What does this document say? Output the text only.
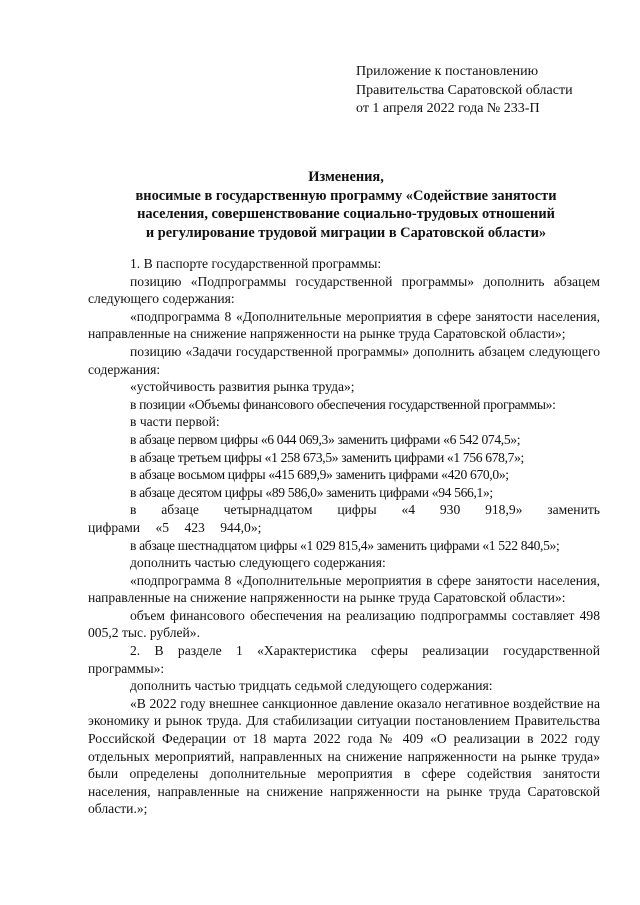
Приложение к постановлению
Правительства Саратовской области
от 1 апреля 2022 года № 233-П
Изменения,
вносимые в государственную программу «Содействие занятости
населения, совершенствование социально-трудовых отношений
и регулирование трудовой миграции в Саратовской области»

1. В паспорте государственной программы:

позицию «Подпрограммы государственной программы» дополнить абзацем следующего содержания:

«подпрограмма 8 «Дополнительные мероприятия в сфере занятости населения, направленные на снижение напряженности на рынке труда Саратовской области»;

позицию «Задачи государственной программы» дополнить абзацем следующего содержания:

«устойчивость развития рынка труда»;

в позиции «Объемы финансового обеспечения государственной программы»:

в части первой:

в абзаце первом цифры «6 044 069,3» заменить цифрами «6 542 074,5»;

в абзаце третьем цифры «1 258 673,5» заменить цифрами «1 756 678,7»;

в абзаце восьмом цифры «415 689,9» заменить цифрами «420 670,0»;

в абзаце десятом цифры «89 586,0» заменить цифрами «94 566,1»;

в абзаце четырнадцатом цифры «4 930 918,9» заменить цифрами «5 423 944,0»;

в абзаце шестнадцатом цифры «1 029 815,4» заменить цифрами «1 522 840,5»;

дополнить частью следующего содержания:

«подпрограмма 8 «Дополнительные мероприятия в сфере занятости населения, направленные на снижение напряженности на рынке труда Саратовской области»:

объем финансового обеспечения на реализацию подпрограммы составляет 498 005,2 тыс. рублей».

2. В разделе 1 «Характеристика сферы реализации государственной программы»:

дополнить частью тридцать седьмой следующего содержания:

«В 2022 году внешнее санкционное давление оказало негативное воздействие на экономику и рынок труда. Для стабилизации ситуации постановлением Правительства Российской Федерации от 18 марта 2022 года № 409 «О реализации в 2022 году отдельных мероприятий, направленных на снижение напряженности на рынке труда» были определены дополнительные мероприятия в сфере содействия занятости населения, направленные на снижение напряженности на рынке труда Саратовской области.»;
